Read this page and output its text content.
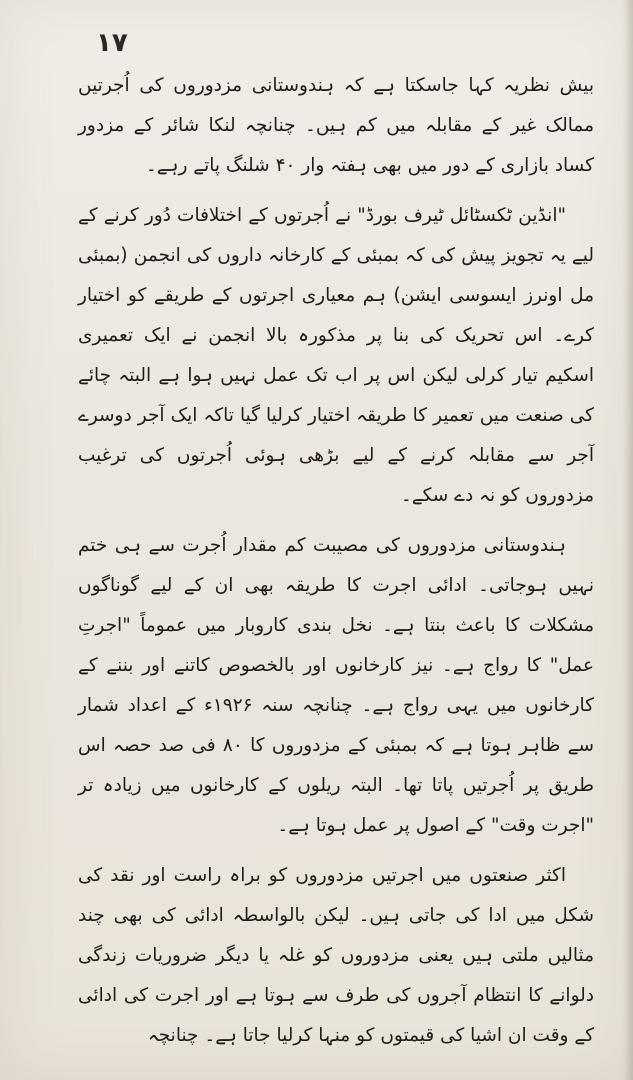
۱۷

بیش نظریہ کہا جاسکتا ہے کہ ہندوستانی مزدوروں کی اُجرتیں ممالک غیر کے مقابلہ میں کم ہیں۔ چنانچہ لنکا شائر کے مزدور کساد بازاری کے دور میں بھی ہفتہ وار ۴۰ شلنگ پاتے رہے۔

"انڈین ٹکسٹائل ٹیرف بورڈ" نے اُجرتوں کے اختلافات دُور کرنے کے لیے یہ تجویز پیش کی کہ بمبئی کے کارخانہ داروں کی انجمن (بمبئی مل اونرز ایسوسی ایشن) ہم معیاری اجرتوں کے طریقے کو اختیار کرے۔ اس تحریک کی بنا پر مذکورہ بالا انجمن نے ایک تعمیری اسکیم تیار کرلی لیکن اس پر اب تک عمل نہیں ہوا ہے البتہ چائے کی صنعت میں تعمیر کا طریقہ اختیار کرلیا گیا تاکہ ایک آجر دوسرے آجر سے مقابلہ کرنے کے لیے بڑھی ہوئی اُجرتوں کی ترغیب مزدوروں کو نہ دے سکے۔

ہندوستانی مزدوروں کی مصیبت کم مقدار اُجرت سے ہی ختم نہیں ہوجاتی۔ ادائی اجرت کا طریقہ بھی ان کے لیے گوناگوں مشکلات کا باعث بنتا ہے۔ نخل بندی کاروبار میں عموماً "اجرتِ عمل" کا رواج ہے۔ نیز کارخانوں اور بالخصوص کاتنے اور بننے کے کارخانوں میں یہی رواج ہے۔ چنانچہ سنہ ۱۹۲۶ء کے اعداد شمار سے ظاہر ہوتا ہے کہ بمبئی کے مزدوروں کا ۸۰ فی صد حصہ اس طریق پر اُجرتیں پاتا تھا۔ البتہ ریلوں کے کارخانوں میں زیادہ تر "اجرت وقت" کے اصول پر عمل ہوتا ہے۔

اکثر صنعتوں میں اجرتیں مزدوروں کو براہ راست اور نقد کی شکل میں ادا کی جاتی ہیں۔ لیکن بالواسطہ ادائی کی بھی چند مثالیں ملتی ہیں یعنی مزدوروں کو غلہ یا دیگر ضروریات زندگی دلوانے کا انتظام آجروں کی طرف سے ہوتا ہے اور اجرت کی ادائی کے وقت ان اشیا کی قیمتوں کو منہا کرلیا جاتا ہے۔ چنانچہ
